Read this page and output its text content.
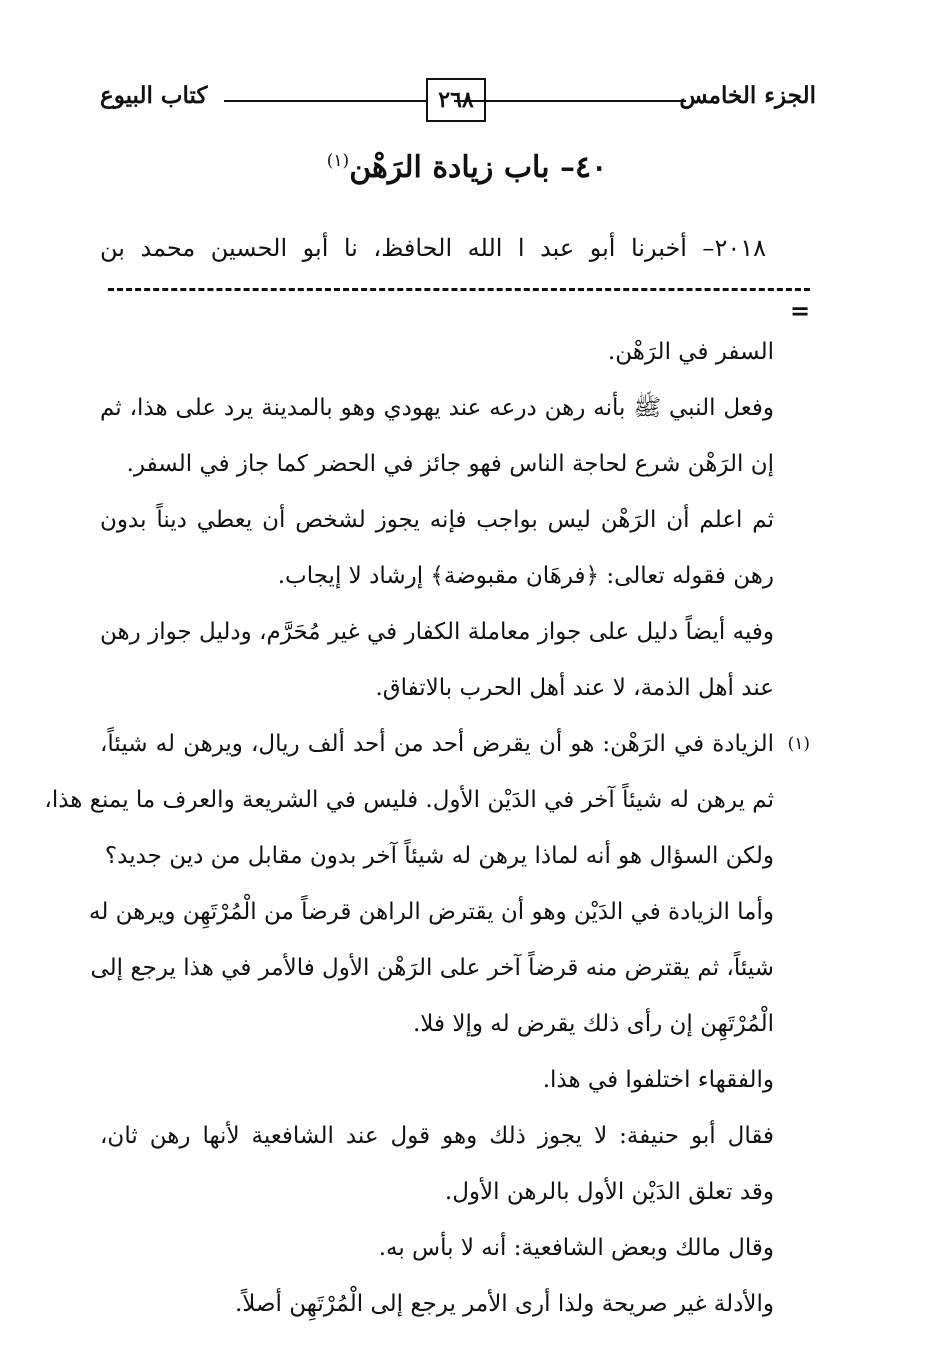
الجزء الخامس
٢٦٨
كتاب البيوع
٤٠– باب زيادة الرَهْن$^{(١)}$
٢٠١٨– أخبرنا أبو عبد ا الله الحافظ، نا أبو الحسين محمد بن
=
السفر في الرَهْن.
وفعل النبي ﷺ بأنه رهن درعه عند يهودي وهو بالمدينة يرد على هذا، ثم
إن الرَهْن شرع لحاجة الناس فهو جائز في الحضر كما جاز في السفر.
ثم اعلم أن الرَهْن ليس بواجب فإنه يجوز لشخص أن يعطي ديناً بدون
رهن فقوله تعالى: ﴿فرهَان مقبوضة﴾ إرشاد لا إيجاب.
وفيه أيضاً دليل على جواز معاملة الكفار في غير مُحَرَّم، ودليل جواز رهن
عند أهل الذمة، لا عند أهل الحرب بالاتفاق.
(١)
الزيادة في الرَهْن: هو أن يقرض أحد من أحد ألف ريال، ويرهن له شيئاً،
ثم يرهن له شيئاً آخر في الدَيْن الأول. فليس في الشريعة والعرف ما يمنع هذا،
ولكن السؤال هو أنه لماذا يرهن له شيئاً آخر بدون مقابل من دين جديد؟
وأما الزيادة في الدَيْن وهو أن يقترض الراهن قرضاً من الْمُرْتَهِن ويرهن له
شيئاً، ثم يقترض منه قرضاً آخر على الرَهْن الأول فالأمر في هذا يرجع إلى
الْمُرْتَهِن إن رأى ذلك يقرض له وإلا فلا.
والفقهاء اختلفوا في هذا.
فقال أبو حنيفة: لا يجوز ذلك وهو قول عند الشافعية لأنها رهن ثان،
وقد تعلق الدَيْن الأول بالرهن الأول.
وقال مالك وبعض الشافعية: أنه لا بأس به.
والأدلة غير صريحة ولذا أرى الأمر يرجع إلى الْمُرْتَهِن أصلاً.
